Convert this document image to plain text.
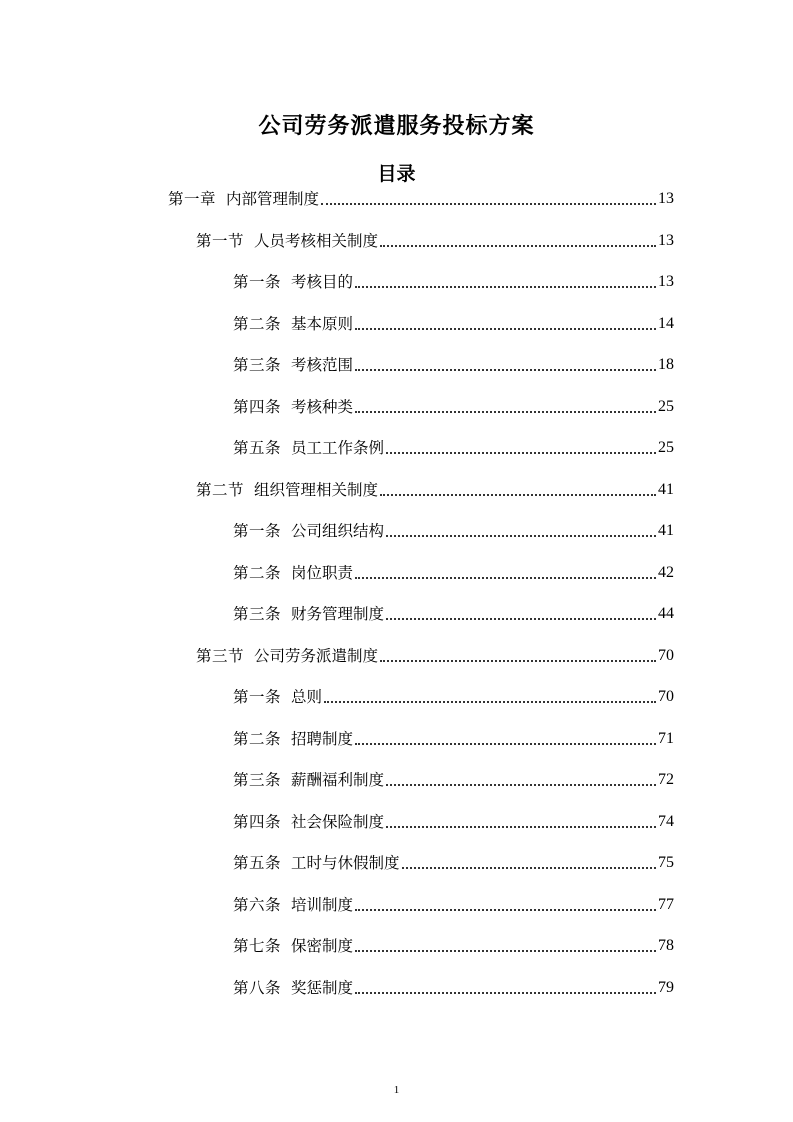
公司劳务派遣服务投标方案
目录
第一章 内部管理制度	13
第一节 人员考核相关制度	13
第一条 考核目的	13
第二条 基本原则	14
第三条 考核范围	18
第四条 考核种类	25
第五条 员工工作条例	25
第二节 组织管理相关制度	41
第一条 公司组织结构	41
第二条 岗位职责	42
第三条 财务管理制度	44
第三节 公司劳务派遣制度	70
第一条 总则	70
第二条 招聘制度	71
第三条 薪酬福利制度	72
第四条 社会保险制度	74
第五条 工时与休假制度	75
第六条 培训制度	77
第七条 保密制度	78
第八条 奖惩制度	79
1
